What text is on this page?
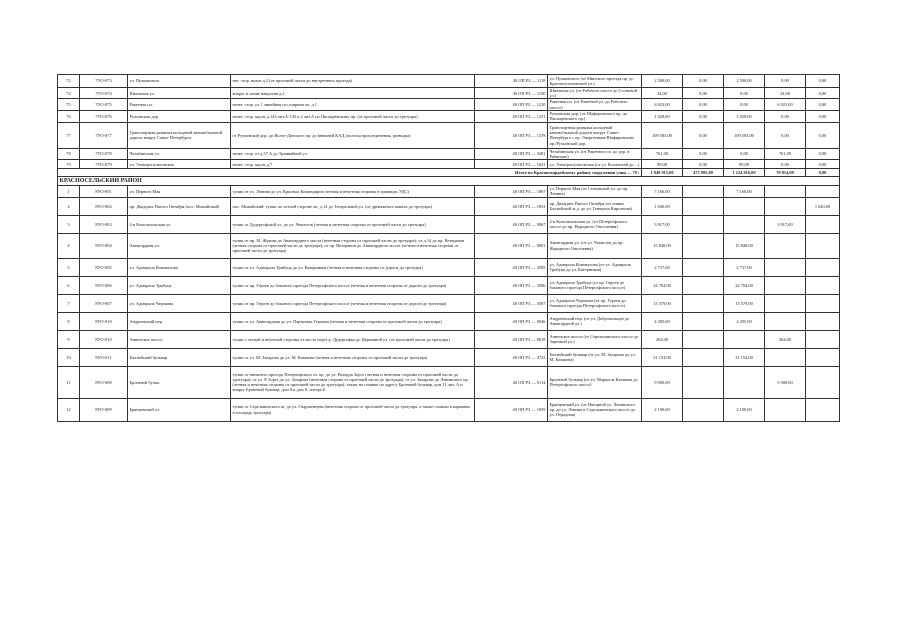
72	7УО-073	ул. Пулковского	нет. стор. валов д.2 (от проезжей части до внутреннего проезда)	40 ОП РЗ — 1118	ул. Пулковского (от Минского проезда пр. до Краснопутиловской ул.)	2 500,00	0,00	2 500,00	0,00	0,00
74	7УО-074	Школьная ул.	вокруг в скиве напротив д.1	40 ОП РЗ — 1150	Школьная ул. (от Рабочего шоссе до Сосновой ул.)	34,00	0,00	0,00	34,00	0,00
75	7УО-075	Ракетная пл.	нечет. стор. ул.1 линейная гос.ширина ок. д.1	40 ОП РЗ — 1210	Ракетная пл. (от Ракетной ул. до Рабочего шоссе)	6 923,00	0,00	0,00	6 923,00	0,00
76	7УО-076	Ручьевская дор.	нечет. стор. вдоль д.143 лит.А-143 к.2 лит.А по Пискарёвскому пр. (от проезжей части до тротуара)	40 ОП РЗ — 1251	Ручьевская дор. (от Шафировского пр. до Пискарёвского пр.)	1 028,00	0,00	1 028,00	0,00	0,00
77	7УО-077	Транспортная развязка кольцевой автомобильной дороги вокруг Санкт-Петербурга	от Ручьевской дор. до Волго-Донского пр. до внешней КАД (полосы присоединения, разводка)	40 ОП РЗ — 1378	Транспортная развязка кольцевой автомобильной дороги вокруг Санкт-Петербурга с пр. Энергетиков/Шафировским пр./Ручьевской дор.	109 583,00	0,00	109 583,00	0,00	0,00
78	7УО-078	Челябинская ул.	нечет. стор. от д.57 А до Трамвайной ул.	40 ОП РЗ — 3281	Челябинская ул. (от Ракетного ш. до дор. в Рябиново)	761,00	0,00	0,00	761,00	0,00
79	7УО-079	ул. Электропультовская	нечет. стор. вдоль д.7	40 ОП РЗ — 1621	ул. Электропультовская (от ул. Коллонтай до ...)	99,00	0,00	99,00	0,00	0,00
Итого по Красногвардейскому району сооружения улиц — 79 :						1 849 915,00	475 085,00	1 124 016,00	70 814,00	0,00
КРАСНОСЕЛЬСКИЙ РАЙОН										
1	8УО-001	ул. Первого Мая	тупик от ул. Ленина до ул. Красных Командиров (четная и нечетная стороны в границах УДС)	40 ОП РЗ — 1867	ул. Первого Мая (от Гатчинской ул. до пр. Ленина)	7 166,00		7 166,00		
2	8УО-002	пр. Двадцать Пятого Октября (пос. Можайский)	пос. Можайский: тупик по четной стороне ок. д.14 до Театральной ул. (от дренажного канала до тротуара)	40 ОП РЗ — 1853	пр. Двадцать Пятого Октября (от линии Балтийской ж.д. до ул. Генерала Кирсанова)	1 040,00				1 040,00
3	8УО-003	2-я Комсомольская ул.	тупик от Дудергофской ул. до ул. Чекистов (четная и нечетная стороны от проезжей части до тротуара)	40 ОП РЗ — 0967	2-я Комсомольская ул. (от Петергофского шоссе до пр. Народного Ополчения)	3 917,00			3 917,00	
4	8УО-004	Авангардная ул.	тупик от пр. М. Жукова до Авангардного моста (нечетная сторона от проезжей части до тротуара); от д.14 до пр. Ветеранов (четная сторона от проезжей части до тротуара); от пр. Ветеранов до Авангардного моста (четная и нечетная стороны от проезжей части до тротуара)	40 ОП РЗ — 0001	Авангардная ул. (от ул. Чекистов до пр. Народного Ополчения)	15 848,00		15 848,00		
5	8УО-005	ул. Адмирала Коновалова	тупик от ул. Адмирала Трибуца до ул. Катерников (четная и нечетная стороны от дороги до тротуара)	40 ОП РЗ — 3585	ул. Адмирала Коновалова (от ул. Адмирала Трибуца до ул. Катерников)	2 737,00		2 737,00		
6	8УО-006	ул. Адмирала Трибуца	тупик от пр. Героев до бокового проезда Петергофского шоссе (четная и нечетная стороны от дороги до тротуара)	40 ОП РЗ — 3586	ул. Адмирала Трибуца (от пр. Героев до бокового проезда Петергофского шоссе)	24 704,00		24 704,00		
7	8УО-007	ул. Адмирала Черокова	тупик от пр. Героев до бокового проезда Петергофского шоссе (четная и нечетная стороны от дороги до тротуара)	40 ОП РЗ — 3587	ул. Адмирала Черокова (от пр. Героев до бокового проезда Петергофского шоссе)	13 579,00		13 579,00		
8	8УО-010	Андреевский пер.	тупик от ул. Авангардная до ул. Партизана Германа (четная и нечетная стороны от проезжей части до тротуара)	40 ОП РЗ — 0046	Андреевский пер. (от ул. Добровольцев до Авангардной ул.)	4 295,00		4 295,00		
9	8УО-010	Анненское шоссе	тупик с четной и нечетной стороны от моста через р. Дудергофка до Церковной ул. (от проезжей части до тротуара)	40 ОП РЗ — 0018	Анненское шоссе (от Стрельнинского шоссе до Заречной ул.)	264,00			264,00	
10	8УО-011	Балтийский бульвар	тупик от ул. М. Захарова до ул. М. Казакова (четная и нечетная стороны от проезжей части до тротуара)	40 ОП РЗ — 3723	Балтийский бульвар (от ул. М. Захарова до ул. М. Казакова)	31 154,00		31 154,00		
11	8УО-008	Броневой бульв.	тупик от внешнего проезда Петергофского ш. пр. до ул. Рихарда Зорге (четная и нечетная стороны от проезжей части до тротуара); от ул. Р. Зорге до ул. Захарова (нечетная сторона от проезжей части до тротуара); от ул. Захарова до Ленинского пр. (четная и нечетная стороны от проезжей части до тротуара); также на стоянке по адресу Броневой бульвар, дом 11 лит. А и вокруг Броневой бульвар, дом 8 и дом 6, литера Б	40 ОП РЗ — 0114	Броневой бульвар (от ул. Маршала Казакова до Петергофского шоссе)	9 500,00			9 500,00	
12	8УО-009	Брянцевский ул.	тупик от Стрельнинского ш. до ул. Окруженцева (нечетная сторона от проезжей части до тротуара, а также стоянка в карманах и площадь тротуара)	40 ОП РЗ — 1859	Брянцевский ул. (от Нагорной ул. Ленинского пр. до ул. Ленина и Стрельнинского шоссе до ул. Отрадная)	2 100,00		2 100,00		
